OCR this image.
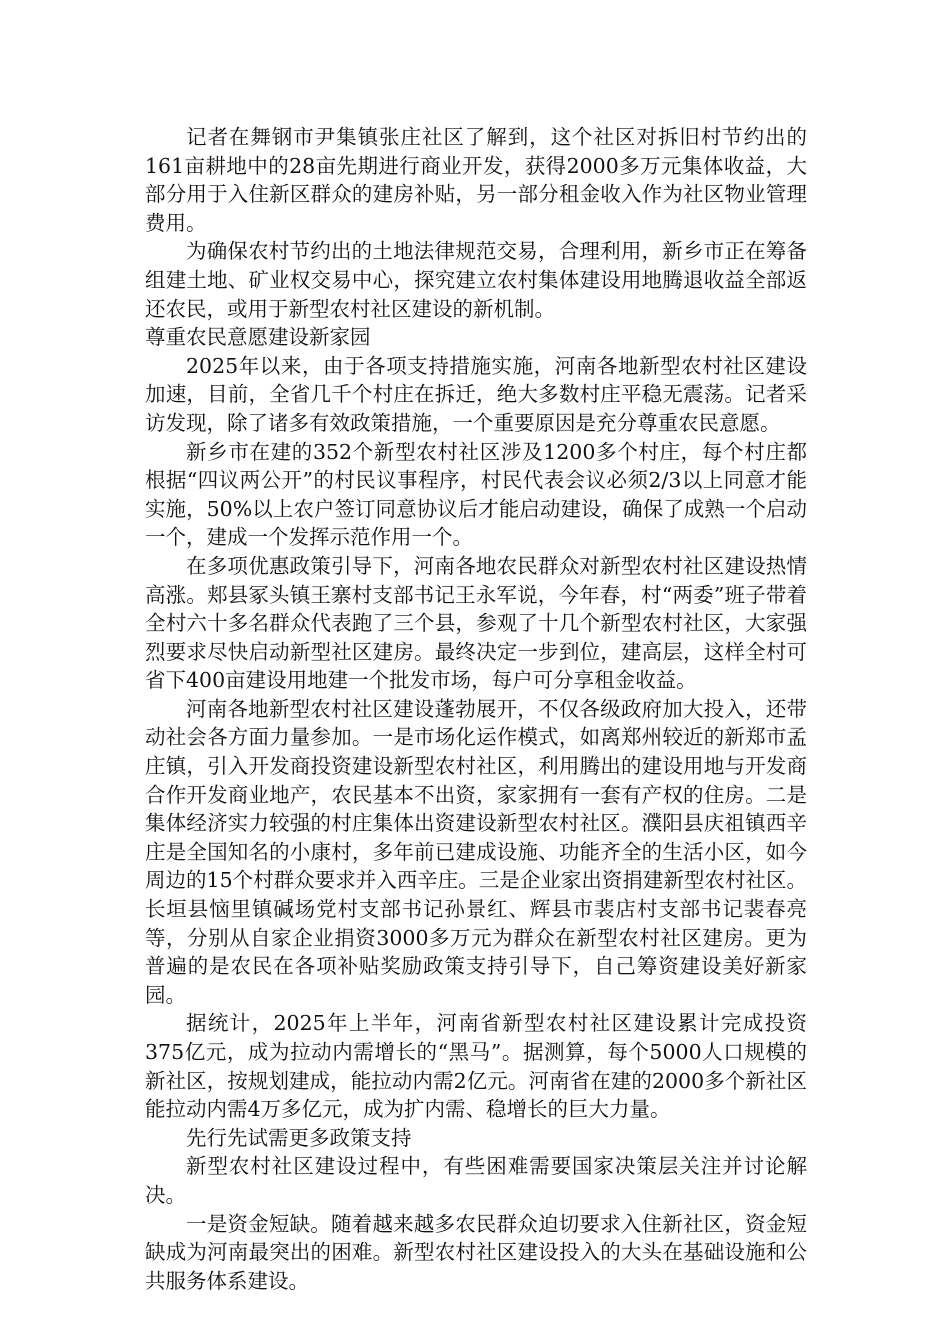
记者在舞钢市尹集镇张庄社区了解到，这个社区对拆旧村节约出的161亩耕地中的28亩先期进行商业开发，获得2000多万元集体收益，大部分用于入住新区群众的建房补贴，另一部分租金收入作为社区物业管理费用。

为确保农村节约出的土地法律规范交易，合理利用，新乡市正在筹备组建土地、矿业权交易中心，探究建立农村集体建设用地腾退收益全部返还农民，或用于新型农村社区建设的新机制。

尊重农民意愿建设新家园

2025年以来，由于各项支持措施实施，河南各地新型农村社区建设加速，目前，全省几千个村庄在拆迁，绝大多数村庄平稳无震荡。记者采访发现，除了诸多有效政策措施，一个重要原因是充分尊重农民意愿。

新乡市在建的352个新型农村社区涉及1200多个村庄，每个村庄都根据“四议两公开”的村民议事程序，村民代表会议必须2/3以上同意才能实施，50%以上农户签订同意协议后才能启动建设，确保了成熟一个启动一个，建成一个发挥示范作用一个。

在多项优惠政策引导下，河南各地农民群众对新型农村社区建设热情高涨。郏县冢头镇王寨村支部书记王永军说，今年春，村“两委”班子带着全村六十多名群众代表跑了三个县，参观了十几个新型农村社区，大家强烈要求尽快启动新型社区建房。最终决定一步到位，建高层，这样全村可省下400亩建设用地建一个批发市场，每户可分享租金收益。

河南各地新型农村社区建设蓬勃展开，不仅各级政府加大投入，还带动社会各方面力量参加。一是市场化运作模式，如离郑州较近的新郑市孟庄镇，引入开发商投资建设新型农村社区，利用腾出的建设用地与开发商合作开发商业地产，农民基本不出资，家家拥有一套有产权的住房。二是集体经济实力较强的村庄集体出资建设新型农村社区。濮阳县庆祖镇西辛庄是全国知名的小康村，多年前已建成设施、功能齐全的生活小区，如今周边的15个村群众要求并入西辛庄。三是企业家出资捐建新型农村社区。长垣县恼里镇碱场党村支部书记孙景红、辉县市裴店村支部书记裴春亮等，分别从自家企业捐资3000多万元为群众在新型农村社区建房。更为普遍的是农民在各项补贴奖励政策支持引导下，自己筹资建设美好新家园。

据统计，2025年上半年，河南省新型农村社区建设累计完成投资375亿元，成为拉动内需增长的“黑马”。据测算，每个5000人口规模的新社区，按规划建成，能拉动内需2亿元。河南省在建的2000多个新社区能拉动内需4万多亿元，成为扩内需、稳增长的巨大力量。

先行先试需更多政策支持

新型农村社区建设过程中，有些困难需要国家决策层关注并讨论解决。

一是资金短缺。随着越来越多农民群众迫切要求入住新社区，资金短缺成为河南最突出的困难。新型农村社区建设投入的大头在基础设施和公共服务体系建设。
